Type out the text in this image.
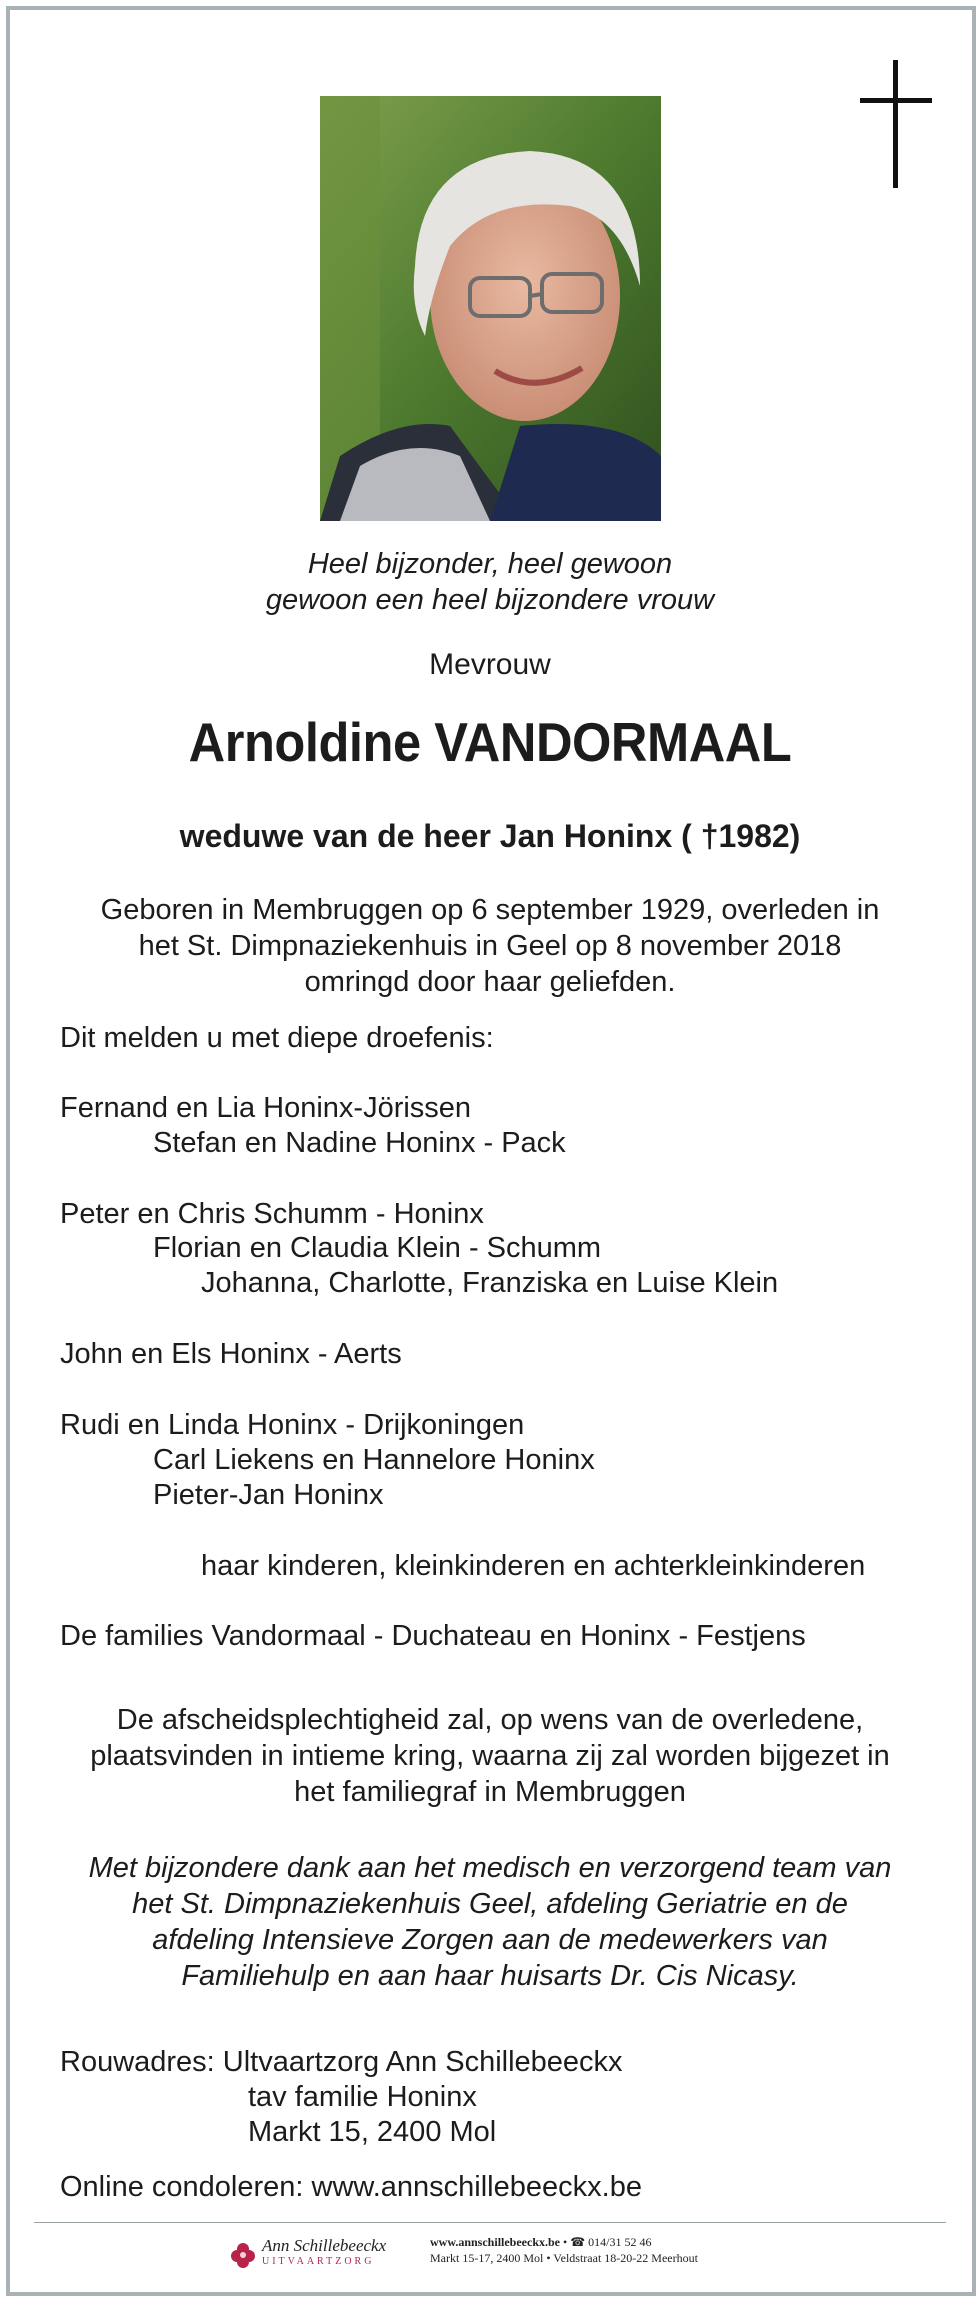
Heel bijzonder, heel gewoon
gewoon een heel bijzondere vrouw
Mevrouw
Arnoldine VANDORMAAL
weduwe van de heer Jan Honinx ( †1982)
Geboren in Membruggen op 6 september 1929, overleden in
het St. Dimpnaziekenhuis in Geel op 8 november 2018
omringd door haar geliefden.
Dit melden u met diepe droefenis:
Fernand en Lia Honinx-Jörissen
Stefan en Nadine Honinx - Pack
Peter en Chris Schumm - Honinx
Florian en Claudia Klein - Schumm
Johanna, Charlotte, Franziska en Luise Klein
John en Els Honinx - Aerts
Rudi en Linda Honinx - Drijkoningen
Carl Liekens en Hannelore Honinx
Pieter-Jan Honinx
haar kinderen, kleinkinderen en achterkleinkinderen
De families Vandormaal - Duchateau en Honinx - Festjens
De afscheidsplechtigheid zal, op wens van de overledene,
plaatsvinden in intieme kring, waarna zij zal worden bijgezet in
het familiegraf in Membruggen
Met bijzondere dank aan het medisch en verzorgend team van
het St. Dimpnaziekenhuis Geel, afdeling Geriatrie en de
afdeling Intensieve Zorgen aan de medewerkers van
Familiehulp en aan haar huisarts Dr. Cis Nicasy.
Rouwadres: Ultvaartzorg Ann Schillebeeckx
tav familie Honinx
Markt 15, 2400 Mol
Online condoleren: www.annschillebeeckx.be
Ann Schillebeeckx
UITVAARTZORG
www.annschillebeeckx.be • ☎ 014/31 52 46
Markt 15-17, 2400 Mol • Veldstraat 18-20-22 Meerhout
